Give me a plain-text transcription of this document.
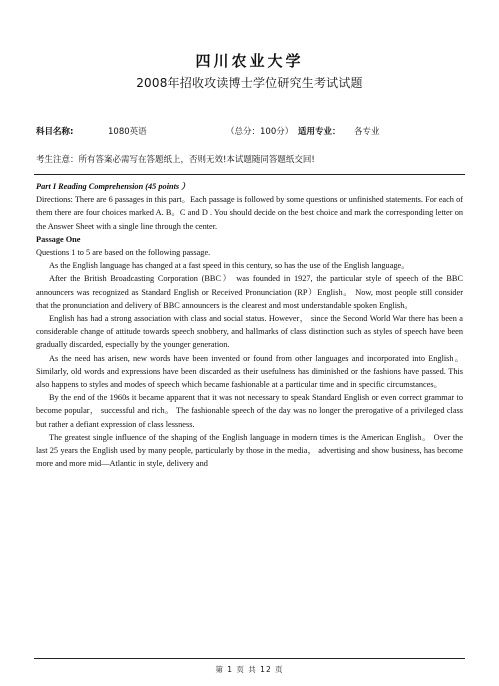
四川农业大学
2008年招收攻读博士学位研究生考试试题
科目名称:	1080英语	（总分：100分） 适用专业： 各专业
考生注意：所有答案必需写在答题纸上，否则无效!本试题随同答题纸交回!

Part I Reading Comprehension (45 points ）

Directions: There are 6 passages in this part。Each passage is followed by some questions or unfinished statements. For each of them there are four choices marked A. B。C and D . You should decide on the best choice and mark the corresponding letter on the Answer Sheet with a single line through the center.

Passage One

Questions 1 to 5 are based on the following passage.

As the English language has changed at a fast speed in this century, so has the use of the English language。

After the British Broadcasting Corporation (BBC） was founded in 1927, the particular style of speech of the BBC announcers was recognized as Standard English or Received Pronunciation (RP）English。 Now, most people still consider that the pronunciation and delivery of BBC announcers is the clearest and most understandable spoken English。

English has had a strong association with class and social status. However， since the Second World War there has been a considerable change of attitude towards speech snobbery, and hallmarks of class distinction such as styles of speech have been gradually discarded, especially by the younger generation.

As the need has arisen, new words have been invented or found from other languages and incorporated into English。Similarly, old words and expressions have been discarded as their usefulness has diminished or the fashions have passed. This also happens to styles and modes of speech which became fashionable at a particular time and in specific circumstances。

By the end of the 1960s it became apparent that it was not necessary to speak Standard English or even correct grammar to become popular， successful and rich。 The fashionable speech of the day was no longer the prerogative of a privileged class but rather a defiant expression of class lessness.

The greatest single influence of the shaping of the English language in modern times is the American English。 Over the last 25 years the English used by many people, particularly by those in the media， advertising and show business, has become more and more mid—Atlantic in style, delivery and

第 1 页 共 12 页
